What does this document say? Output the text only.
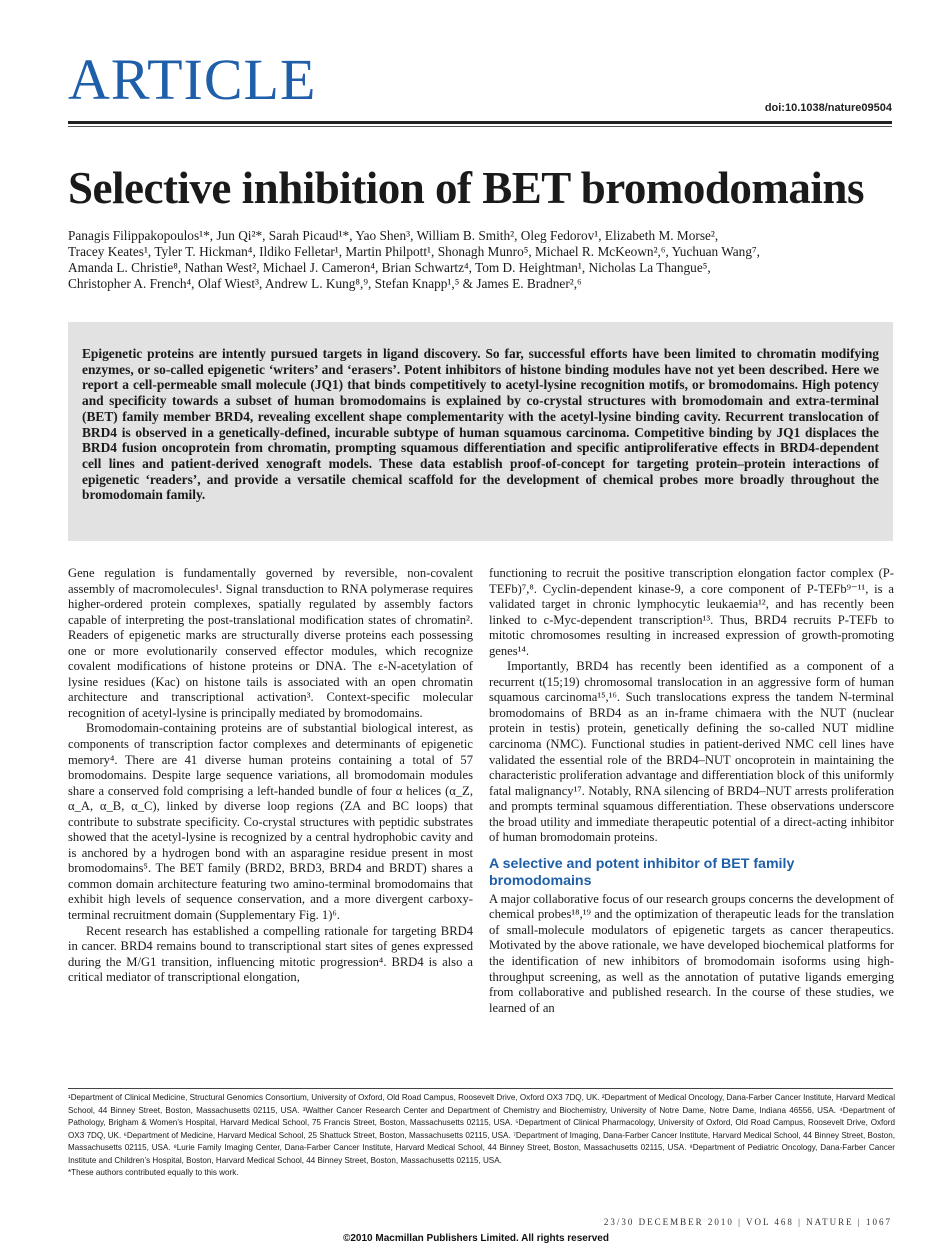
ARTICLE	doi:10.1038/nature09504
Selective inhibition of BET bromodomains

Panagis Filippakopoulos¹*, Jun Qi²*, Sarah Picaud¹*, Yao Shen³, William B. Smith², Oleg Fedorov¹, Elizabeth M. Morse²,

Tracey Keates¹, Tyler T. Hickman⁴, Ildiko Felletar¹, Martin Philpott¹, Shonagh Munro⁵, Michael R. McKeown²,⁶, Yuchuan Wang⁷,

Amanda L. Christie⁸, Nathan West², Michael J. Cameron⁴, Brian Schwartz⁴, Tom D. Heightman¹, Nicholas La Thangue⁵,

Christopher A. French⁴, Olaf Wiest³, Andrew L. Kung⁸,⁹, Stefan Knapp¹,⁵ & James E. Bradner²,⁶

Epigenetic proteins are intently pursued targets in ligand discovery. So far, successful efforts have been limited to chromatin modifying enzymes, or so-called epigenetic ‘writers’ and ‘erasers’. Potent inhibitors of histone binding modules have not yet been described. Here we report a cell-permeable small molecule (JQ1) that binds competitively to acetyl-lysine recognition motifs, or bromodomains. High potency and specificity towards a subset of human bromodomains is explained by co-crystal structures with bromodomain and extra-terminal (BET) family member BRD4, revealing excellent shape complementarity with the acetyl-lysine binding cavity. Recurrent translocation of BRD4 is observed in a genetically-defined, incurable subtype of human squamous carcinoma. Competitive binding by JQ1 displaces the BRD4 fusion oncoprotein from chromatin, prompting squamous differentiation and specific antiproliferative effects in BRD4-dependent cell lines and patient-derived xenograft models. These data establish proof-of-concept for targeting protein–protein interactions of epigenetic ‘readers’, and provide a versatile chemical scaffold for the development of chemical probes more broadly throughout the bromodomain family.

Gene regulation is fundamentally governed by reversible, non-covalent assembly of macromolecules¹. Signal transduction to RNA polymerase requires higher-ordered protein complexes, spatially regulated by assembly factors capable of interpreting the post-translational modification states of chromatin². Readers of epigenetic marks are structurally diverse proteins each possessing one or more evolutionarily conserved effector modules, which recognize covalent modifications of histone proteins or DNA. The ε-N-acetylation of lysine residues (Kac) on histone tails is associated with an open chromatin architecture and transcriptional activation³. Context-specific molecular recognition of acetyl-lysine is principally mediated by bromodomains.

Bromodomain-containing proteins are of substantial biological interest, as components of transcription factor complexes and determinants of epigenetic memory⁴. There are 41 diverse human proteins containing a total of 57 bromodomains. Despite large sequence variations, all bromodomain modules share a conserved fold comprising a left-handed bundle of four α helices (α_Z, α_A, α_B, α_C), linked by diverse loop regions (ZA and BC loops) that contribute to substrate specificity. Co-crystal structures with peptidic substrates showed that the acetyl-lysine is recognized by a central hydrophobic cavity and is anchored by a hydrogen bond with an asparagine residue present in most bromodomains⁵. The BET family (BRD2, BRD3, BRD4 and BRDT) shares a common domain architecture featuring two amino-terminal bromodomains that exhibit high levels of sequence conservation, and a more divergent carboxy-terminal recruitment domain (Supplementary Fig. 1)⁶.

Recent research has established a compelling rationale for targeting BRD4 in cancer. BRD4 remains bound to transcriptional start sites of genes expressed during the M/G1 transition, influencing mitotic progression⁴. BRD4 is also a critical mediator of transcriptional elongation,

functioning to recruit the positive transcription elongation factor complex (P-TEFb)⁷,⁸. Cyclin-dependent kinase-9, a core component of P-TEFb⁹⁻¹¹, is a validated target in chronic lymphocytic leukaemia¹², and has recently been linked to c-Myc-dependent transcription¹³. Thus, BRD4 recruits P-TEFb to mitotic chromosomes resulting in increased expression of growth-promoting genes¹⁴.

Importantly, BRD4 has recently been identified as a component of a recurrent t(15;19) chromosomal translocation in an aggressive form of human squamous carcinoma¹⁵,¹⁶. Such translocations express the tandem N-terminal bromodomains of BRD4 as an in-frame chimaera with the NUT (nuclear protein in testis) protein, genetically defining the so-called NUT midline carcinoma (NMC). Functional studies in patient-derived NMC cell lines have validated the essential role of the BRD4–NUT oncoprotein in maintaining the characteristic proliferation advantage and differentiation block of this uniformly fatal malignancy¹⁷. Notably, RNA silencing of BRD4–NUT arrests proliferation and prompts terminal squamous differentiation. These observations underscore the broad utility and immediate therapeutic potential of a direct-acting inhibitor of human bromodomain proteins.

A selective and potent inhibitor of BET family bromodomains

A major collaborative focus of our research groups concerns the development of chemical probes¹⁸,¹⁹ and the optimization of therapeutic leads for the translation of small-molecule modulators of epigenetic targets as cancer therapeutics. Motivated by the above rationale, we have developed biochemical platforms for the identification of new inhibitors of bromodomain isoforms using high-throughput screening, as well as the annotation of putative ligands emerging from collaborative and published research. In the course of these studies, we learned of an

¹Department of Clinical Medicine, Structural Genomics Consortium, University of Oxford, Old Road Campus, Roosevelt Drive, Oxford OX3 7DQ, UK. ²Department of Medical Oncology, Dana-Farber Cancer Institute, Harvard Medical School, 44 Binney Street, Boston, Massachusetts 02115, USA. ³Walther Cancer Research Center and Department of Chemistry and Biochemistry, University of Notre Dame, Notre Dame, Indiana 46556, USA. ⁴Department of Pathology, Brigham & Women’s Hospital, Harvard Medical School, 75 Francis Street, Boston, Massachusetts 02115, USA. ⁵Department of Clinical Pharmacology, University of Oxford, Old Road Campus, Roosevelt Drive, Oxford OX3 7DQ, UK. ⁶Department of Medicine, Harvard Medical School, 25 Shattuck Street, Boston, Massachusetts 02115, USA. ⁷Department of Imaging, Dana-Farber Cancer Institute, Harvard Medical School, 44 Binney Street, Boston, Massachusetts 02115, USA. ⁸Lurie Family Imaging Center, Dana-Farber Cancer Institute, Harvard Medical School, 44 Binney Street, Boston, Massachusetts 02115, USA. ⁹Department of Pediatric Oncology, Dana-Farber Cancer Institute and Children’s Hospital, Boston, Harvard Medical School, 44 Binney Street, Boston, Massachusetts 02115, USA.

*These authors contributed equally to this work.

23/30 DECEMBER 2010 | VOL 468 | NATURE | 1067
©2010 Macmillan Publishers Limited. All rights reserved
